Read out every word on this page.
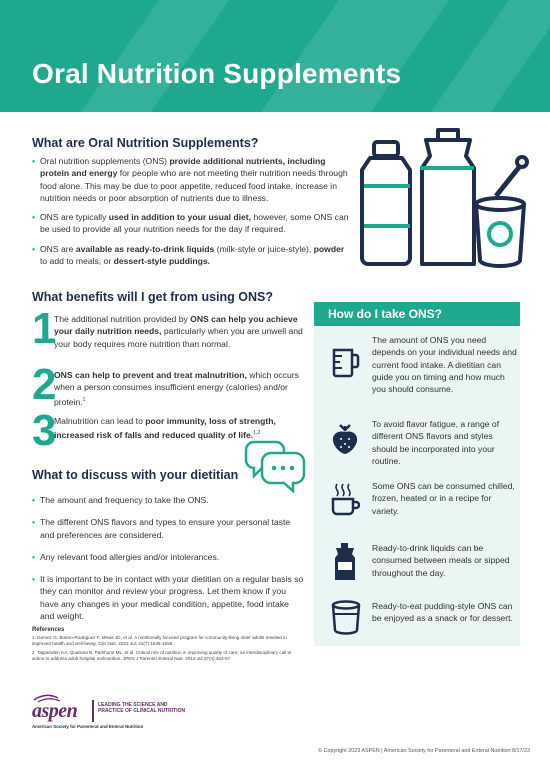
Oral Nutrition Supplements
What are Oral Nutrition Supplements?
• Oral nutrition supplements (ONS) provide additional nutrients, including protein and energy for people who are not meeting their nutrition needs through food alone. This may be due to poor appetite, reduced food intake, increase in nutrition needs or poor absorption of nutrients due to illness.
• ONS are typically used in addition to your usual diet, however, some ONS can be used to provide all your nutrition needs for the day if required.
• ONS are available as ready-to-drink liquids (milk-style or juice-style), powder to add to meals, or dessert-style puddings.
What benefits will I get from using ONS?
1
The additional nutrition provided by ONS can help you achieve your daily nutrition needs, particularly when you are unwell and your body requires more nutrition than normal.
2
ONS can help to prevent and treat malnutrition, which occurs when a person consumes insufficient energy (calories) and/or protein.$^1$
3
Malnutrition can lead to poor immunity, loss of strength, increased risk of falls and reduced quality of life.$^{1,2}$
What to discuss with your dietitian
• The amount and frequency to take the ONS.
• The different ONS flavors and types to ensure your personal taste and preferences are considered.
• Any relevant food allergies and/or intolerances.
• It is important to be in contact with your dietitian on a regular basis so they can monitor and review your progress. Let them know if you have any changes in your medical condition, appetite, food intake and weight.
How do I take ONS?
The amount of ONS you need depends on your individual needs and current food intake. A dietitian can guide you on timing and how much you should consume.
To avoid flavor fatigue, a range of different ONS flavors and styles should be incorporated into your routine.
Some ONS can be consumed chilled, frozen, heated or in a recipe for variety.
Ready-to-drink liquids can be consumed between meals or sipped throughout the day.
Ready-to-eat pudding-style ONS can be enjoyed as a snack or for dessert.
References
1. Gomez G, Botero-Rodríguez F, Misas JD, et al. A nutritionally focused program for community-living older adults resulted in improved health and well-being. Clin Nutr. 2022 Jul; 41(7):1549-1556.
2. Tappenden KA, Quatrara B, Parkhurst ML, et al. Critical role of nutrition in improving quality of care: an interdisciplinary call to action to address adult hospital malnutrition. JPEN J Parenter Enteral Nutr. 2013 Jul;37(4):482-97.
aspen	LEADING THE SCIENCE AND
PRACTICE OF CLINICAL NUTRITION
American Society for Parenteral and Enteral Nutrition
© Copyright 2023 ASPEN | American Society for Parenteral and Enteral Nutrition 8/17/23
